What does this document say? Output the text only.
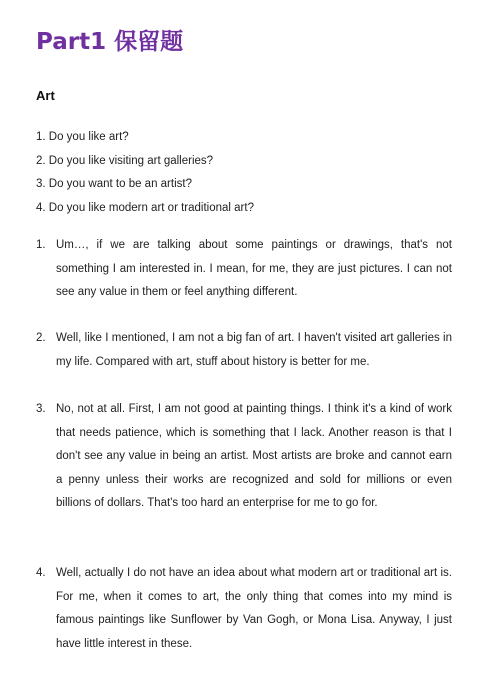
Part1 保留题
Art
1. Do you like art?
2. Do you like visiting art galleries?
3. Do you want to be an artist?
4. Do you like modern art or traditional art?
1. Um…, if we are talking about some paintings or drawings, that's not something I am interested in. I mean, for me, they are just pictures. I can not see any value in them or feel anything different.
2. Well, like I mentioned, I am not a big fan of art. I haven't visited art galleries in my life. Compared with art, stuff about history is better for me.
3. No, not at all. First, I am not good at painting things. I think it's a kind of work that needs patience, which is something that I lack. Another reason is that I don't see any value in being an artist. Most artists are broke and cannot earn a penny unless their works are recognized and sold for millions or even billions of dollars. That's too hard an enterprise for me to go for.
4. Well, actually I do not have an idea about what modern art or traditional art is. For me, when it comes to art, the only thing that comes into my mind is famous paintings like Sunflower by Van Gogh, or Mona Lisa. Anyway, I just have little interest in these.
